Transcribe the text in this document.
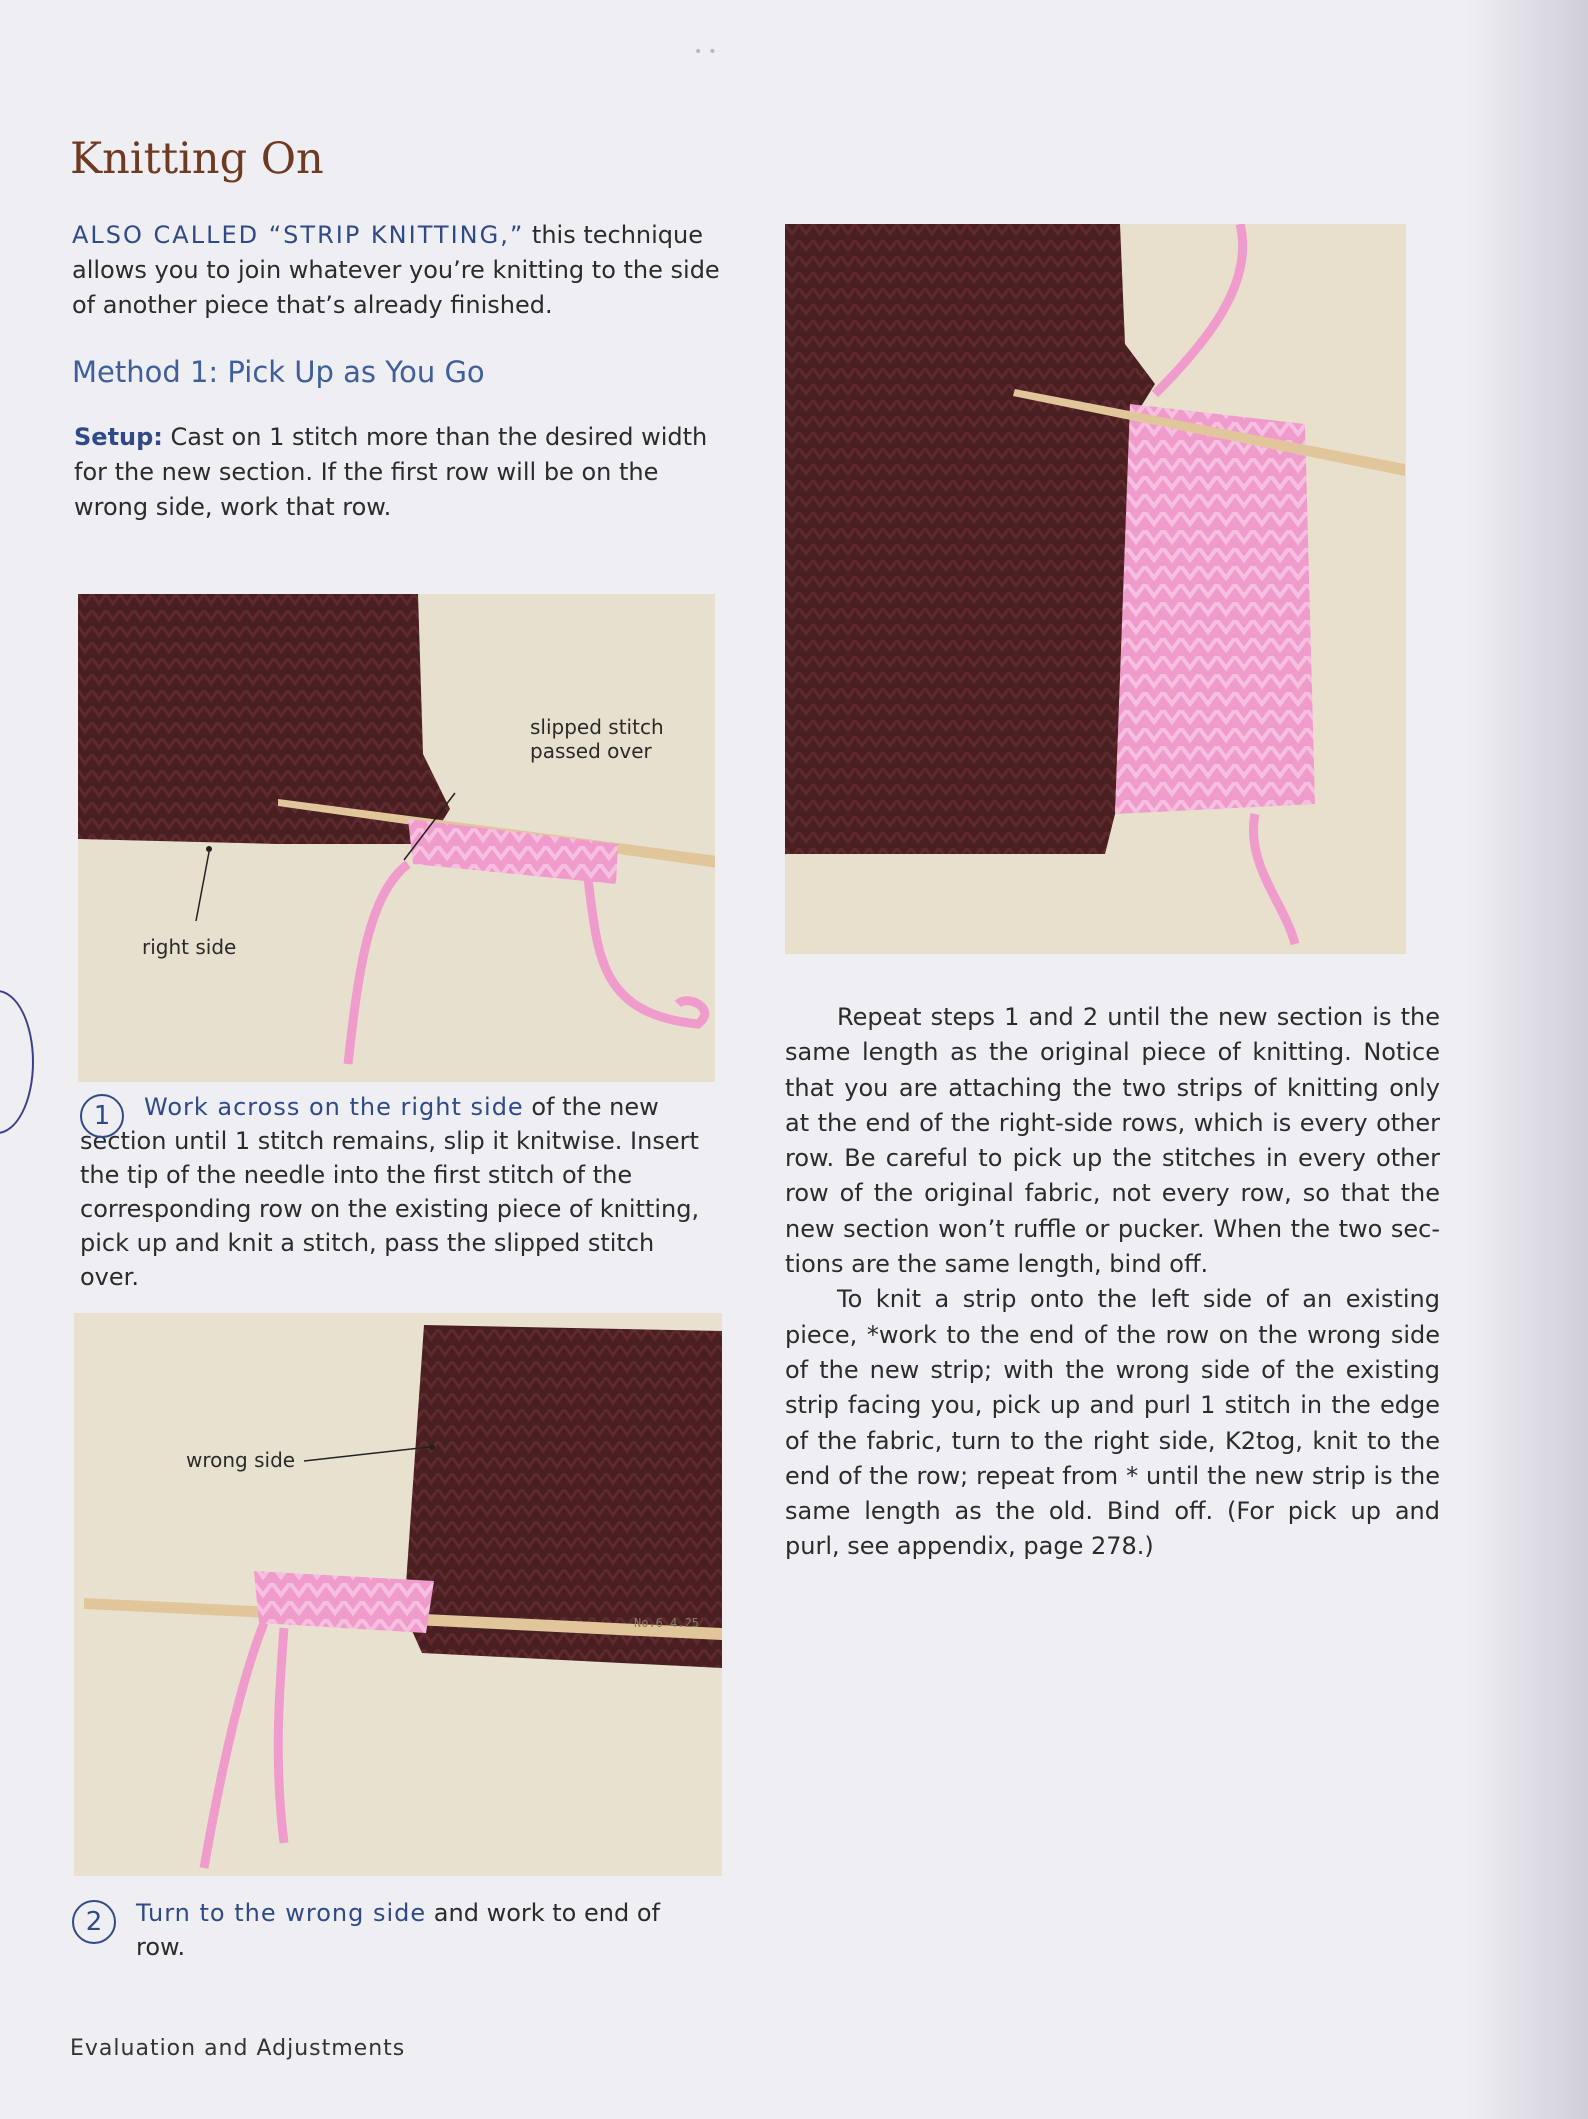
••
Knitting On
ALSO CALLED “STRIP KNITTING,” this technique allows you to join whatever you’re knitting to the side of another piece that’s already finished.
Method 1: Pick Up as You Go
Setup: Cast on 1 stitch more than the desired width for the new section. If the first row will be on the wrong side, work that row.
slipped stitch passed over
right side
1	Work across on the right side of the new section until 1 stitch remains, slip it knitwise. Insert the tip of the needle into the first stitch of the corresponding row on the existing piece of knitting, pick up and knit a stitch, pass the slipped stitch over.
No.6 4.25
wrong side
2	Turn to the wrong side and work to end of row.

Repeat steps 1 and 2 until the new section is the same length as the original piece of knitting. Notice that you are attaching the two strips of knitting only at the end of the right-side rows, which is every other row. Be careful to pick up the stitches in every other row of the original fabric, not every row, so that the new section won’t ruffle or pucker. When the two sec-tions are the same length, bind off.

To knit a strip onto the left side of an existing piece, *work to the end of the row on the wrong side of the new strip; with the wrong side of the existing strip facing you, pick up and purl 1 stitch in the edge of the fabric, turn to the right side, K2tog, knit to the end of the row; repeat from * until the new strip is the same length as the old. Bind off. (For pick up and purl, see appendix, page 278.)

Evaluation and Adjustments
